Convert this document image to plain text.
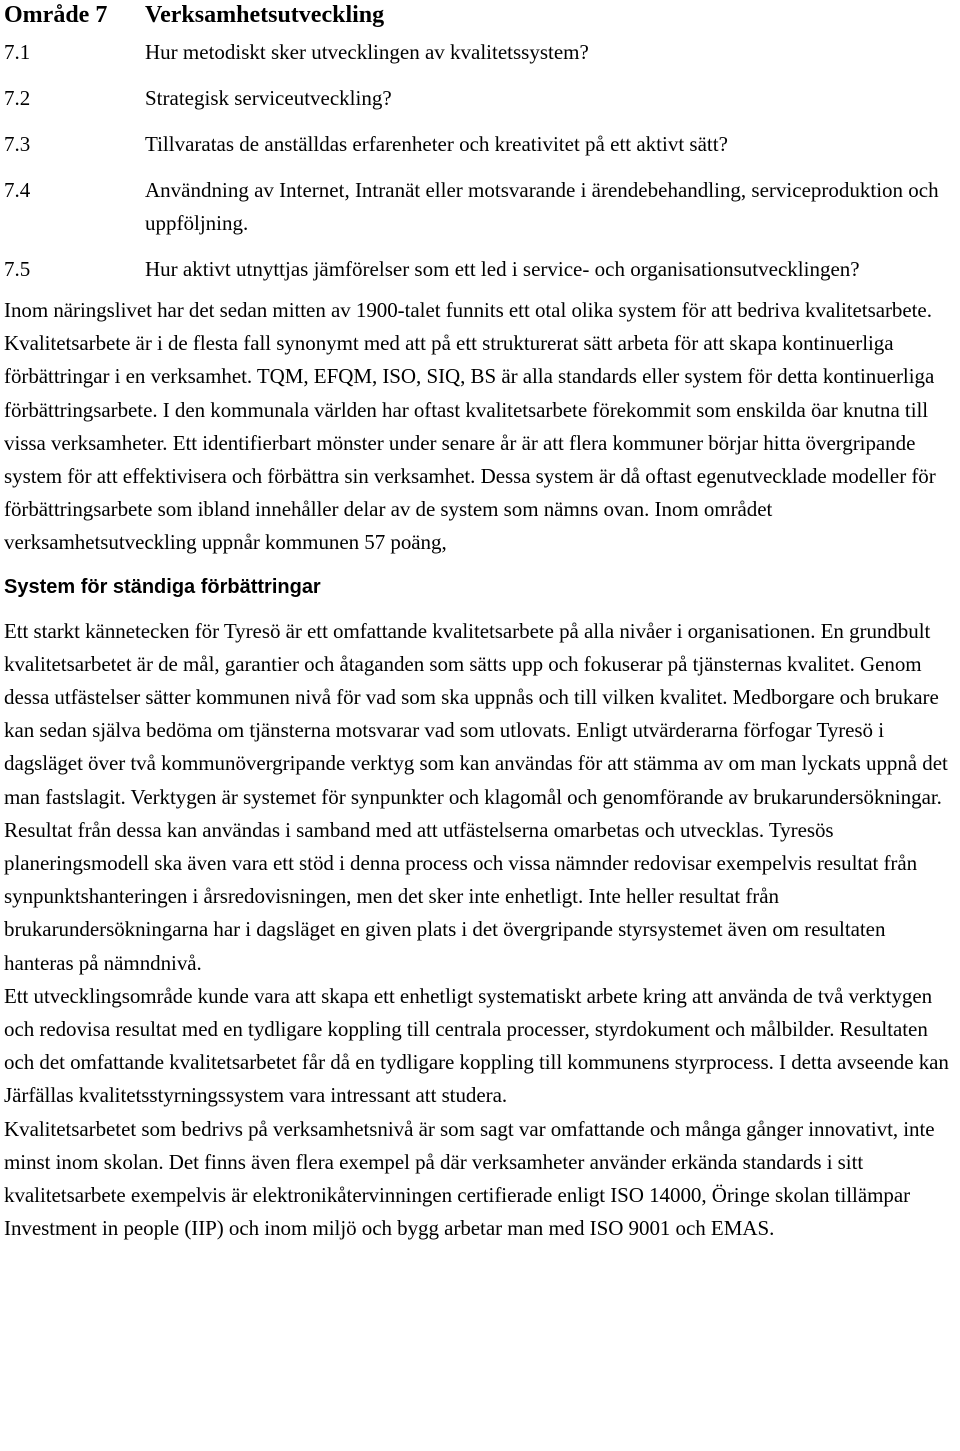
Område 7 Verksamhetsutveckling
7.1	Hur metodiskt sker utvecklingen av kvalitetssystem?
7.2	Strategisk serviceutveckling?
7.3	Tillvaratas de anställdas erfarenheter och kreativitet på ett aktivt sätt?
7.4	Användning av Internet, Intranät eller motsvarande i ärendebehandling, serviceproduktion och uppföljning.
7.5	Hur aktivt utnyttjas jämförelser som ett led i service- och organisationsutvecklingen?

Inom näringslivet har det sedan mitten av 1900-talet funnits ett otal olika system för att bedriva kvalitetsarbete. Kvalitetsarbete är i de flesta fall synonymt med att på ett strukturerat sätt arbeta för att skapa kontinuerliga förbättringar i en verksamhet. TQM, EFQM, ISO, SIQ, BS är alla standards eller system för detta kontinuerliga förbättringsarbete. I den kommunala världen har oftast kvalitetsarbete förekommit som enskilda öar knutna till vissa verksamheter. Ett identifierbart mönster under senare år är att flera kommuner börjar hitta övergripande system för att effektivisera och förbättra sin verksamhet. Dessa system är då oftast egenutvecklade modeller för förbättringsarbete som ibland innehåller delar av de system som nämns ovan. Inom området verksamhetsutveckling uppnår kommunen 57 poäng,

System för ständiga förbättringar

Ett starkt kännetecken för Tyresö är ett omfattande kvalitetsarbete på alla nivåer i organisationen. En grundbult kvalitetsarbetet är de mål, garantier och åtaganden som sätts upp och fokuserar på tjänsternas kvalitet. Genom dessa utfästelser sätter kommunen nivå för vad som ska uppnås och till vilken kvalitet. Medborgare och brukare kan sedan själva bedöma om tjänsterna motsvarar vad som utlovats. Enligt utvärderarna förfogar Tyresö i dagsläget över två kommunövergripande verktyg som kan användas för att stämma av om man lyckats uppnå det man fastslagit. Verktygen är systemet för synpunkter och klagomål och genomförande av brukarundersökningar. Resultat från dessa kan användas i samband med att utfästelserna omarbetas och utvecklas. Tyresös planeringsmodell ska även vara ett stöd i denna process och vissa nämnder redovisar exempelvis resultat från synpunktshanteringen i årsredovisningen, men det sker inte enhetligt. Inte heller resultat från brukarundersökningarna har i dagsläget en given plats i det övergripande styrsystemet även om resultaten hanteras på nämndnivå.

Ett utvecklingsområde kunde vara att skapa ett enhetligt systematiskt arbete kring att använda de två verktygen och redovisa resultat med en tydligare koppling till centrala processer, styrdokument och målbilder. Resultaten och det omfattande kvalitetsarbetet får då en tydligare koppling till kommunens styrprocess. I detta avseende kan Järfällas kvalitetsstyrningssystem vara intressant att studera.

Kvalitetsarbetet som bedrivs på verksamhetsnivå är som sagt var omfattande och många gånger innovativt, inte minst inom skolan. Det finns även flera exempel på där verksamheter använder erkända standards i sitt kvalitetsarbete exempelvis är elektronikåtervinningen certifierade enligt ISO 14000, Öringe skolan tillämpar Investment in people (IIP) och inom miljö och bygg arbetar man med ISO 9001 och EMAS.
